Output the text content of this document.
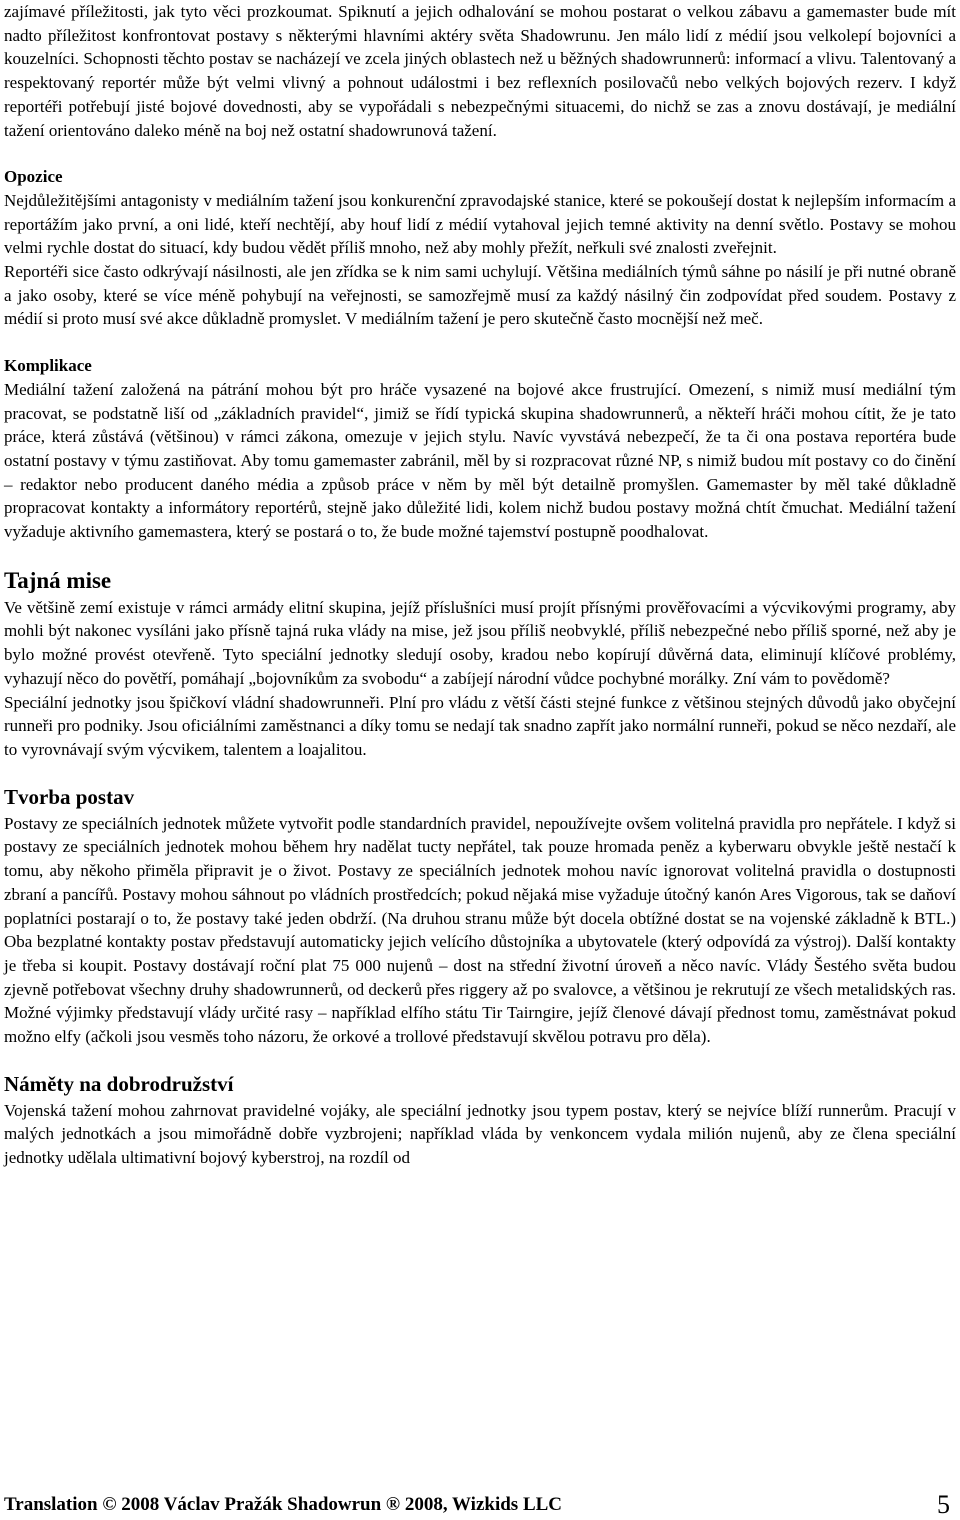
zajímavé příležitosti, jak tyto věci prozkoumat. Spiknutí a jejich odhalování se mohou postarat o velkou zábavu a gamemaster bude mít nadto příležitost konfrontovat postavy s některými hlavními aktéry světa Shadowrunu. Jen málo lidí z médií jsou velkolepí bojovníci a kouzelníci. Schopnosti těchto postav se nacházejí ve zcela jiných oblastech než u běžných shadowrunnerů: informací a vlivu. Talentovaný a respektovaný reportér může být velmi vlivný a pohnout událostmi i bez reflexních posilovačů nebo velkých bojových rezerv. I když reportéři potřebují jisté bojové dovednosti, aby se vypořádali s nebezpečnými situacemi, do nichž se zas a znovu dostávají, je mediální tažení orientováno daleko méně na boj než ostatní shadowrunová tažení.

Opozice

Nejdůležitějšími antagonisty v mediálním tažení jsou konkurenční zpravodajské stanice, které se pokoušejí dostat k nejlepším informacím a reportážím jako první, a oni lidé, kteří nechtějí, aby houf lidí z médií vytahoval jejich temné aktivity na denní světlo. Postavy se mohou velmi rychle dostat do situací, kdy budou vědět příliš mnoho, než aby mohly přežít, neřkuli své znalosti zveřejnit.

Reportéři sice často odkrývají násilnosti, ale jen zřídka se k nim sami uchylují. Většina mediálních týmů sáhne po násilí je při nutné obraně a jako osoby, které se více méně pohybují na veřejnosti, se samozřejmě musí za každý násilný čin zodpovídat před soudem. Postavy z médií si proto musí své akce důkladně promyslet. V mediálním tažení je pero skutečně často mocnější než meč.

Komplikace

Mediální tažení založená na pátrání mohou být pro hráče vysazené na bojové akce frustrující. Omezení, s nimiž musí mediální tým pracovat, se podstatně liší od „základních pravidel“, jimiž se řídí typická skupina shadowrunnerů, a někteří hráči mohou cítit, že je tato práce, která zůstává (většinou) v rámci zákona, omezuje v jejich stylu. Navíc vyvstává nebezpečí, že ta či ona postava reportéra bude ostatní postavy v týmu zastiňovat. Aby tomu gamemaster zabránil, měl by si rozpracovat různé NP, s nimiž budou mít postavy co do činění – redaktor nebo producent daného média a způsob práce v něm by měl být detailně promyšlen. Gamemaster by měl také důkladně propracovat kontakty a informátory reportérů, stejně jako důležité lidi, kolem nichž budou postavy možná chtít čmuchat. Mediální tažení vyžaduje aktivního gamemastera, který se postará o to, že bude možné tajemství postupně poodhalovat.

Tajná mise

Ve většině zemí existuje v rámci armády elitní skupina, jejíž příslušníci musí projít přísnými prověřovacími a výcvikovými programy, aby mohli být nakonec vysíláni jako přísně tajná ruka vlády na mise, jež jsou příliš neobvyklé, příliš nebezpečné nebo příliš sporné, než aby je bylo možné provést otevřeně. Tyto speciální jednotky sledují osoby, kradou nebo kopírují důvěrná data, eliminují klíčové problémy, vyhazují něco do povětří, pomáhají „bojovníkům za svobodu“ a zabíjejí národní vůdce pochybné morálky. Zní vám to povědomě?

Speciální jednotky jsou špičkoví vládní shadowrunneři. Plní pro vládu z větší části stejné funkce z většinou stejných důvodů jako obyčejní runneři pro podniky. Jsou oficiálními zaměstnanci a díky tomu se nedají tak snadno zapřít jako normální runneři, pokud se něco nezdaří, ale to vyrovnávají svým výcvikem, talentem a loajalitou.

Tvorba postav

Postavy ze speciálních jednotek můžete vytvořit podle standardních pravidel, nepoužívejte ovšem volitelná pravidla pro nepřátele. I když si postavy ze speciálních jednotek mohou během hry nadělat tucty nepřátel, tak pouze hromada peněz a kyberwaru obvykle ještě nestačí k tomu, aby někoho přiměla připravit je o život. Postavy ze speciálních jednotek mohou navíc ignorovat volitelná pravidla o dostupnosti zbraní a pancířů. Postavy mohou sáhnout po vládních prostředcích; pokud nějaká mise vyžaduje útočný kanón Ares Vigorous, tak se daňoví poplatníci postarají o to, že postavy také jeden obdrží. (Na druhou stranu může být docela obtížné dostat se na vojenské základně k BTL.) Oba bezplatné kontakty postav představují automaticky jejich velícího důstojníka a ubytovatele (který odpovídá za výstroj). Další kontakty je třeba si koupit. Postavy dostávají roční plat 75 000 nujenů – dost na střední životní úroveň a něco navíc. Vlády Šestého světa budou zjevně potřebovat všechny druhy shadowrunnerů, od deckerů přes riggery až po svalovce, a většinou je rekrutují ze všech metalidských ras. Možné výjimky představují vlády určité rasy – například elfího státu Tir Tairngire, jejíž členové dávají přednost tomu, zaměstnávat pokud možno elfy (ačkoli jsou vesměs toho názoru, že orkové a trollové představují skvělou potravu pro děla).

Náměty na dobrodružství

Vojenská tažení mohou zahrnovat pravidelné vojáky, ale speciální jednotky jsou typem postav, který se nejvíce blíží runnerům. Pracují v malých jednotkách a jsou mimořádně dobře vyzbrojeni; například vláda by venkoncem vydala milión nujenů, aby ze člena speciální jednotky udělala ultimativní bojový kyberstroj, na rozdíl od

Translation © 2008 Václav Pražák Shadowrun ® 2008, Wizkids LLC	5
